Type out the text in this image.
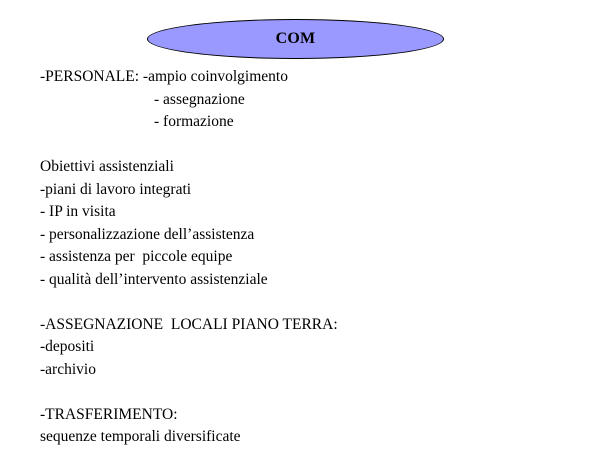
COM
-PERSONALE: -ampio coinvolgimento
- assegnazione
- formazione
Obiettivi assistenziali
-piani di lavoro integrati
- IP in visita
- personalizzazione dell’assistenza
- assistenza per  piccole equipe
- qualità dell’intervento assistenziale
-ASSEGNAZIONE  LOCALI PIANO TERRA:
-depositi
-archivio
-TRASFERIMENTO:
sequenze temporali diversificate
